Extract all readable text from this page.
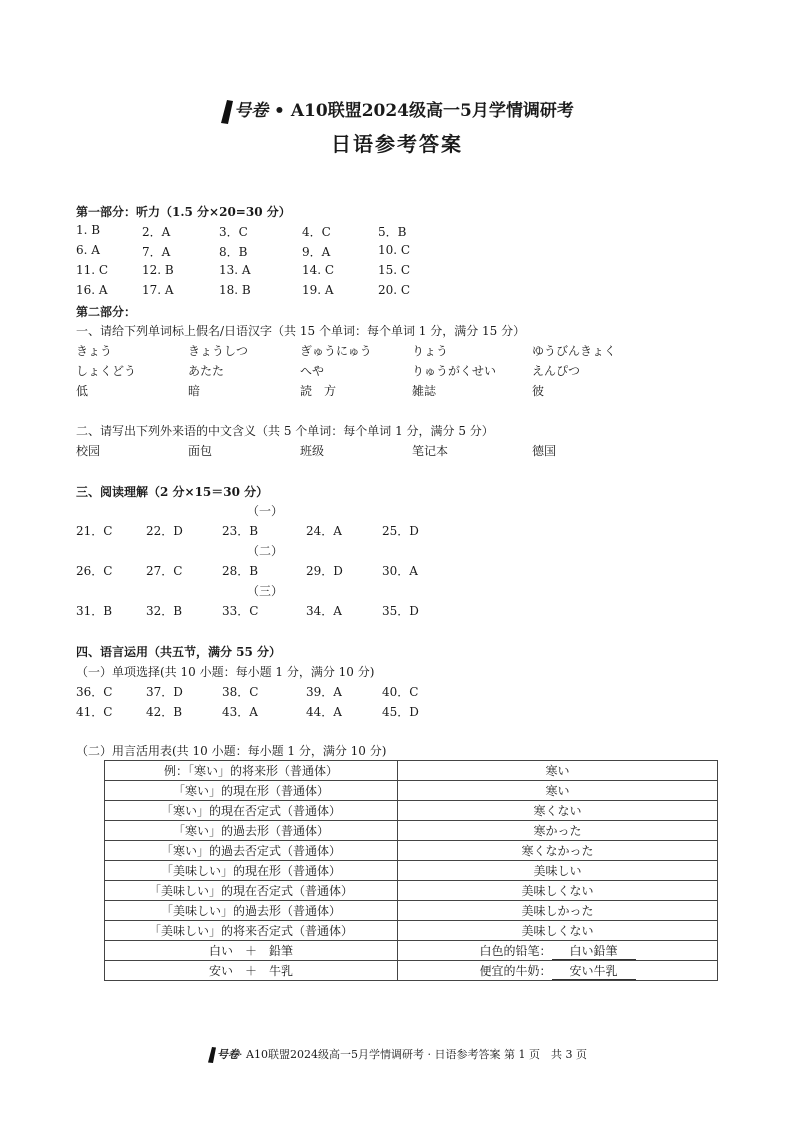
号卷 • A10联盟2024级高一5月学情调研考
日语参考答案
第一部分：听力（1.5 分×20=30 分）
1. B	2．A	3．C	4．C	5．B
6. A	7．A	8．B	9．A	10. C
11. C	12. B	13. A	14. C	15. C
16. A	17. A	18. B	19. A	20. C
第二部分：
一、请给下列单词标上假名/日语汉字（共 15 个单词：每个单词 1 分，满分 15 分）
きょう	きょうしつ	ぎゅうにゅう	りょう	ゆうびんきょく
しょくどう	あたた	へや	りゅうがくせい	えんぴつ
低	暗	読　方	雑誌	彼
二、请写出下列外来语的中文含义（共 5 个单词：每个单词 1 分，满分 5 分）
校园	面包	班级	笔记本	德国
三、阅读理解（2 分×15＝30 分）
（一）
21．C	22．D	23．B	24．A	25．D
（二）
26．C	27．C	28．B	29．D	30．A
（三）
31．B	32．B	33．C	34．A	35．D
四、语言运用（共五节，满分 55 分）
（一）单项选择(共 10 小题：每小题 1 分，满分 10 分)
36．C	37．D	38．C	39．A	40．C
41．C	42．B	43．A	44．A	45．D
（二）用言活用表(共 10 小题：每小题 1 分，满分 10 分)
例：「寒い」的将来形（普通体）	寒い
「寒い」的現在形（普通体）	寒い
「寒い」的現在否定式（普通体）	寒くない
「寒い」的過去形（普通体）	寒かった
「寒い」的過去否定式（普通体）	寒くなかった
「美味しい」的現在形（普通体）	美味しい
「美味しい」的現在否定式（普通体）	美味しくない
「美味しい」的過去形（普通体）	美味しかった
「美味しい」的将来否定式（普通体）	美味しくない
白い　＋　鉛筆	白色的铅笔： 白い鉛筆
安い　＋　牛乳	便宜的牛奶： 安い牛乳
号卷· A10联盟2024级高一5月学情调研考 · 日语参考答案 第 1 页　共 3 页
